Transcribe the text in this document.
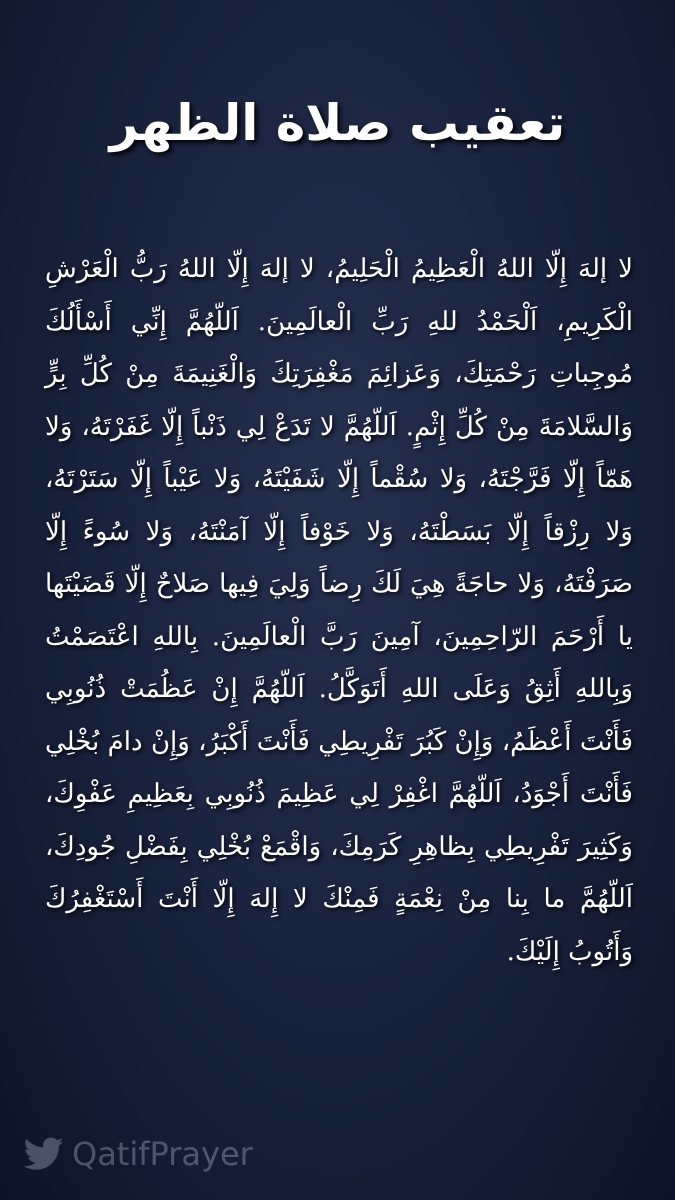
تعقيب صلاة الظهر

لا إلهَ إِلّا اللهُ الْعَظِيمُ الْحَلِيمُ، لا إلهَ إِلّا اللهُ رَبُّ الْعَرْشِ الْكَرِيمِ، اَلْحَمْدُ للهِ رَبِّ الْعالَمِينَ. اَللّهُمَّ إِنِّي أَسْأَلُكَ مُوجِباتِ رَحْمَتِكَ، وَعَزائِمَ مَغْفِرَتِكَ وَالْغَنِيمَةَ مِنْ كُلِّ بِرٍّ وَالسَّلامَةَ مِنْ كُلِّ إِثْمٍ. اَللّهُمَّ لا تَدَعْ لِي ذَنْباً إِلّا غَفَرْتَهُ، وَلا هَمّاً إِلّا فَرَّجْتَهُ، وَلا سُقْماً إِلّا شَفَيْتَهُ، وَلا عَيْباً إِلّا سَتَرْتَهُ، وَلا رِزْقاً إِلّا بَسَطْتَهُ، وَلا خَوْفاً إِلّا آمَنْتَهُ، وَلا سُوءً إِلّا صَرَفْتَهُ، وَلا حاجَةً هِيَ لَكَ رِضاً وَلِيَ فِيها صَلاحٌ إِلّا قَضَيْتَها يا أَرْحَمَ الرّاحِمِينَ، آمِينَ رَبَّ الْعالَمِينَ. بِاللهِ اعْتَصَمْتُ وَبِاللهِ أَثِقُ وَعَلَى اللهِ أَتَوَكَّلُ. اَللّهُمَّ إِنْ عَظُمَتْ ذُنُوبِي فَأَنْتَ أَعْظَمُ، وَإِنْ كَبُرَ تَفْرِيطِي فَأَنْتَ أَكْبَرُ، وَإِنْ دامَ بُخْلِي فَأَنْتَ أَجْوَدُ، اَللّهُمَّ اغْفِرْ لِي عَظِيمَ ذُنُوبِي بِعَظِيمِ عَفْوِكَ، وَكَثِيرَ تَفْرِيطِي بِظاهِرِ كَرَمِكَ، وَاقْمَعْ بُخْلِي بِفَضْلِ جُودِكَ، اَللّهُمَّ ما بِنا مِنْ نِعْمَةٍ فَمِنْكَ لا إِلهَ إِلّا أَنْتَ أَسْتَغْفِرُكَ وَأَتُوبُ إِلَيْكَ.

QatifPrayer
